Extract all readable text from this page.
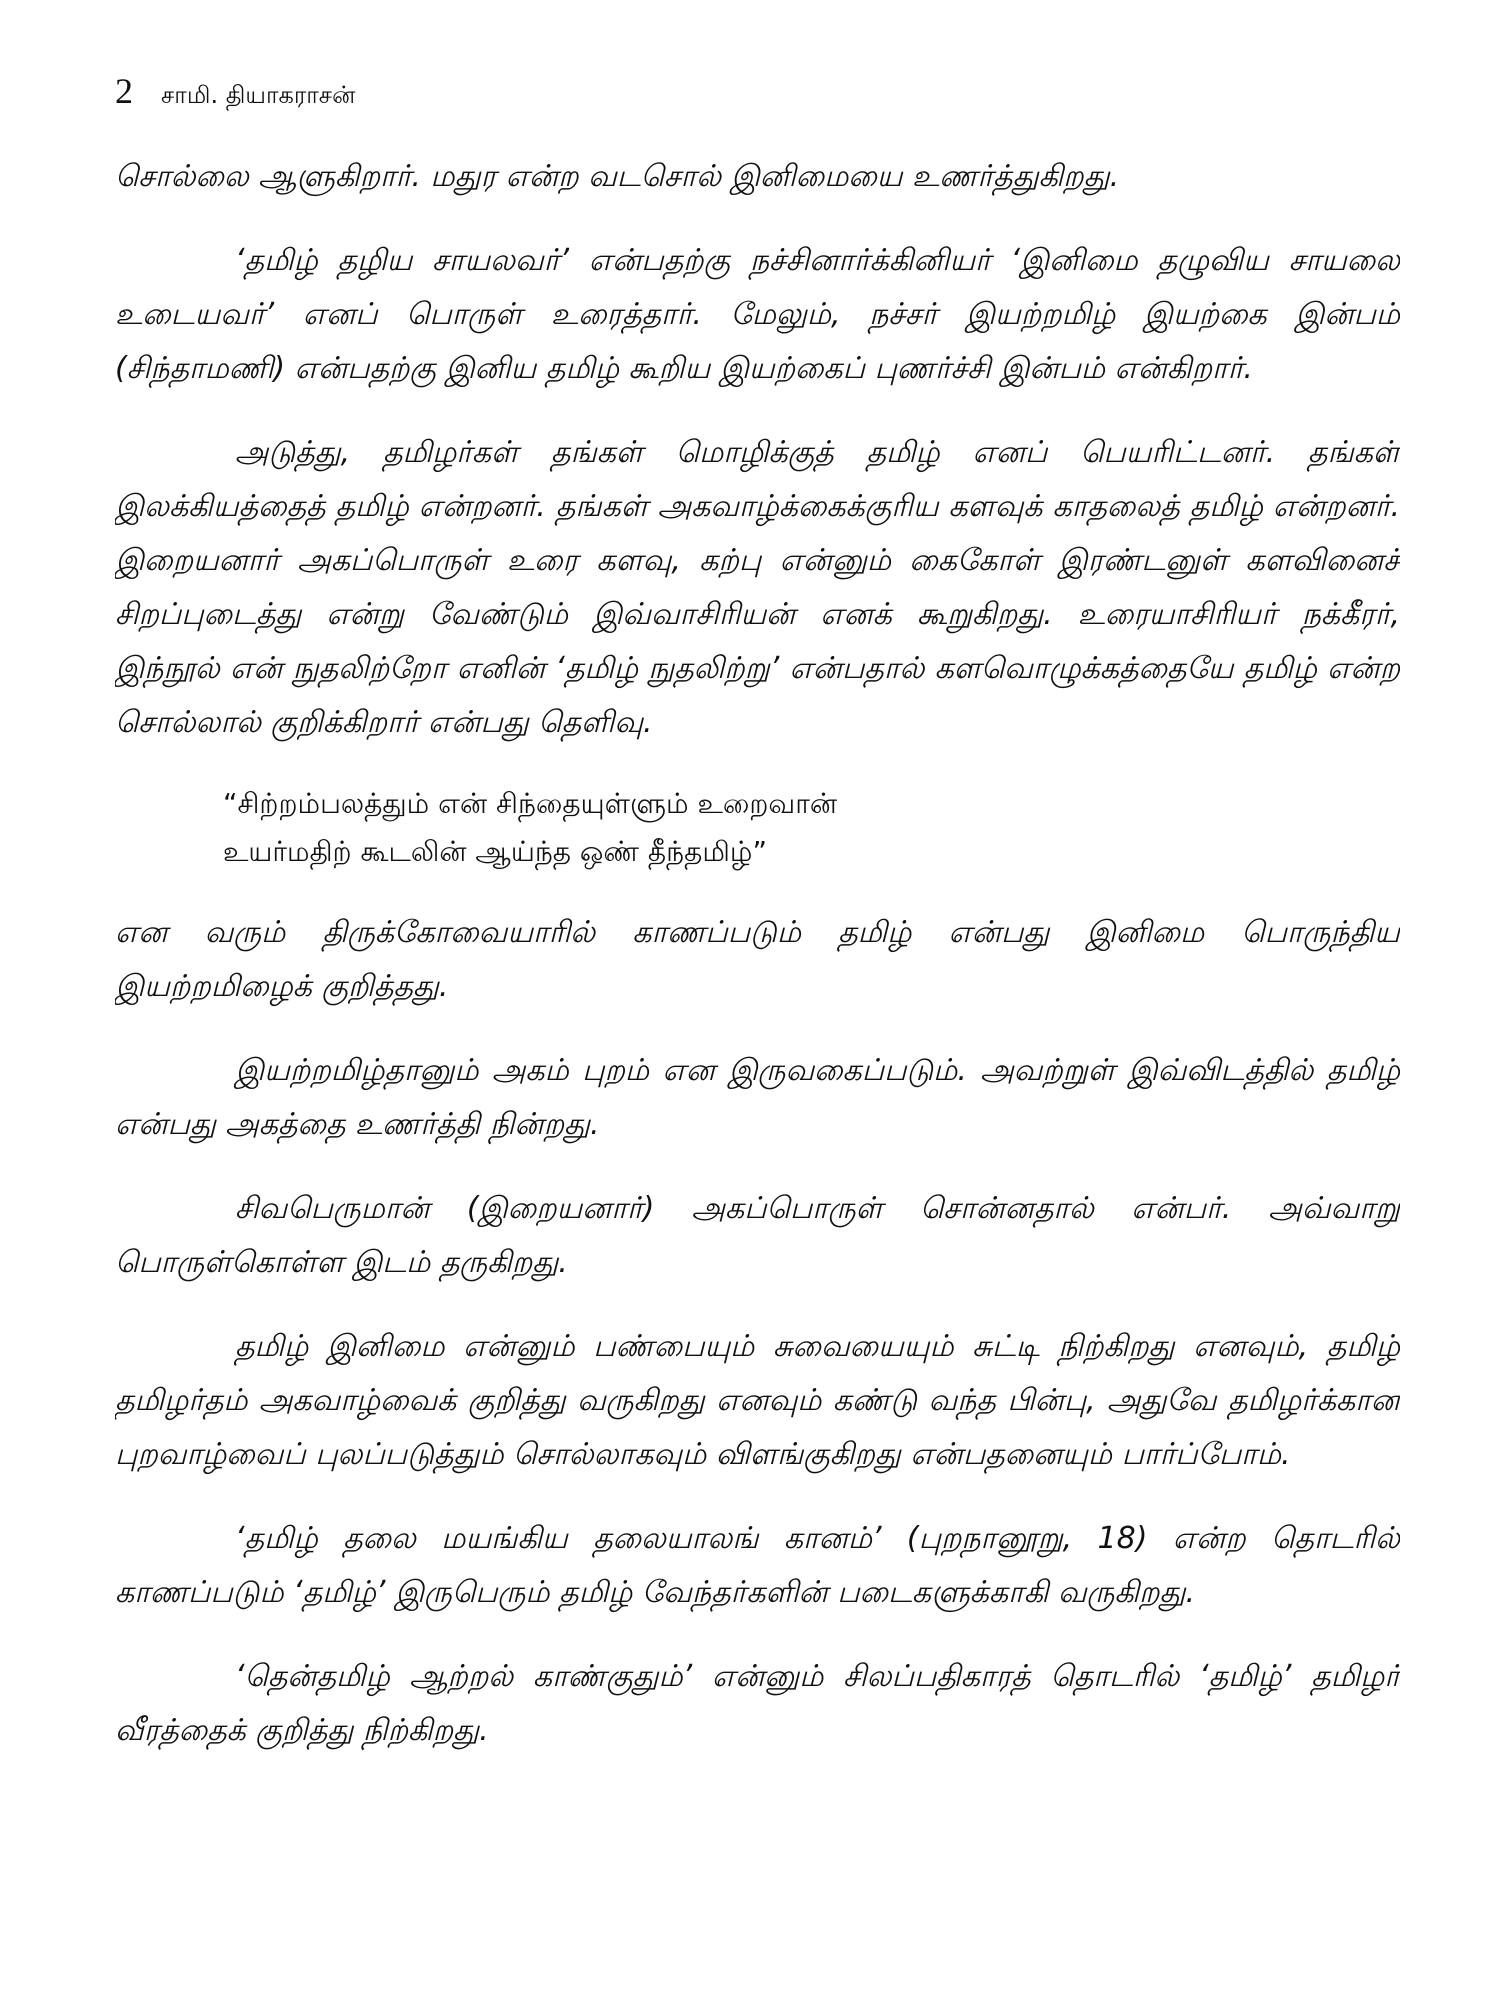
2 சாமி. தியாகராசன்

சொல்லை ஆளுகிறார். மதுர என்ற வடசொல் இனிமையை உணர்த்துகிறது.

‘தமிழ் தழிய சாயலவர்’ என்பதற்கு நச்சினார்க்கினியர் ‘இனிமை தழுவிய சாயலை உடையவர்’ எனப் பொருள் உரைத்தார். மேலும், நச்சர் இயற்றமிழ் இயற்கை இன்பம் (சிந்தாமணி) என்பதற்கு இனிய தமிழ் கூறிய இயற்கைப் புணர்ச்சி இன்பம் என்கிறார்.

அடுத்து, தமிழர்கள் தங்கள் மொழிக்குத் தமிழ் எனப் பெயரிட்டனர். தங்கள் இலக்கியத்தைத் தமிழ் என்றனர். தங்கள் அகவாழ்க்கைக்குரிய களவுக் காதலைத் தமிழ் என்றனர். இறையனார் அகப்பொருள் உரை களவு, கற்பு என்னும் கைகோள் இரண்டனுள் களவினைச் சிறப்புடைத்து என்று வேண்டும் இவ்வாசிரியன் எனக் கூறுகிறது. உரையாசிரியர் நக்கீரர், இந்நூல் என் நுதலிற்றோ எனின் ‘தமிழ் நுதலிற்று’ என்பதால் களவொழுக்கத்தையே தமிழ் என்ற சொல்லால் குறிக்கிறார் என்பது தெளிவு.

“சிற்றம்பலத்தும் என் சிந்தையுள்ளும் உறைவான்
உயர்மதிற் கூடலின் ஆய்ந்த ஒண் தீந்தமிழ்”

என வரும் திருக்கோவையாரில் காணப்படும் தமிழ் என்பது இனிமை பொருந்திய இயற்றமிழைக் குறித்தது.

இயற்றமிழ்தானும் அகம் புறம் என இருவகைப்படும். அவற்றுள் இவ்விடத்தில் தமிழ் என்பது அகத்தை உணர்த்தி நின்றது.

சிவபெருமான் (இறையனார்) அகப்பொருள் சொன்னதால் என்பர். அவ்வாறு பொருள்கொள்ள இடம் தருகிறது.

தமிழ் இனிமை என்னும் பண்பையும் சுவையையும் சுட்டி நிற்கிறது எனவும், தமிழ் தமிழர்தம் அகவாழ்வைக் குறித்து வருகிறது எனவும் கண்டு வந்த பின்பு, அதுவே தமிழர்க்கான புறவாழ்வைப் புலப்படுத்தும் சொல்லாகவும் விளங்குகிறது என்பதனையும் பார்ப்போம்.

‘தமிழ் தலை மயங்கிய தலையாலங் கானம்’ (புறநானூறு, 18) என்ற தொடரில் காணப்படும் ‘தமிழ்’ இருபெரும் தமிழ் வேந்தர்களின் படைகளுக்காகி வருகிறது.

‘தென்தமிழ் ஆற்றல் காண்குதும்’ என்னும் சிலப்பதிகாரத் தொடரில் ‘தமிழ்’ தமிழர் வீரத்தைக் குறித்து நிற்கிறது.
